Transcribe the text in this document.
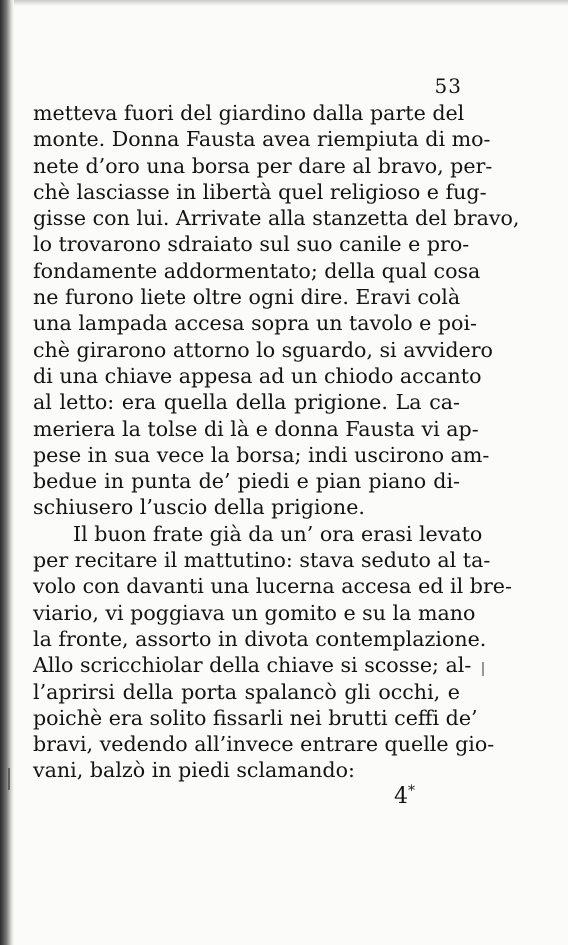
53
metteva fuori del giardino dalla parte del
monte. Donna Fausta avea riempiuta di mo-
nete d’oro una borsa per dare al bravo, per-
chè lasciasse in libertà quel religioso e fug-
gisse con lui. Arrivate alla stanzetta del bravo,
lo trovarono sdraiato sul suo canile e pro-
fondamente addormentato; della qual cosa
ne furono liete oltre ogni dire. Eravi colà
una lampada accesa sopra un tavolo e poi-
chè girarono attorno lo sguardo, si avvidero
di una chiave appesa ad un chiodo accanto
al letto: era quella della prigione. La ca-
meriera la tolse di là e donna Fausta vi ap-
pese in sua vece la borsa; indi uscirono am-
bedue in punta de’ piedi e pian piano di-
schiusero l’uscio della prigione.
Il buon frate già da un’ ora erasi levato
per recitare il mattutino: stava seduto al ta-
volo con davanti una lucerna accesa ed il bre-
viario, vi poggiava un gomito e su la mano
la fronte, assorto in divota contemplazione.
Allo scricchiolar della chiave si scosse; al-
l’aprirsi della porta spalancò gli occhi, e
poichè era solito fissarli nei brutti ceffi de’
bravi, vedendo all’invece entrare quelle gio-
vani, balzò in piedi sclamando:
4*
